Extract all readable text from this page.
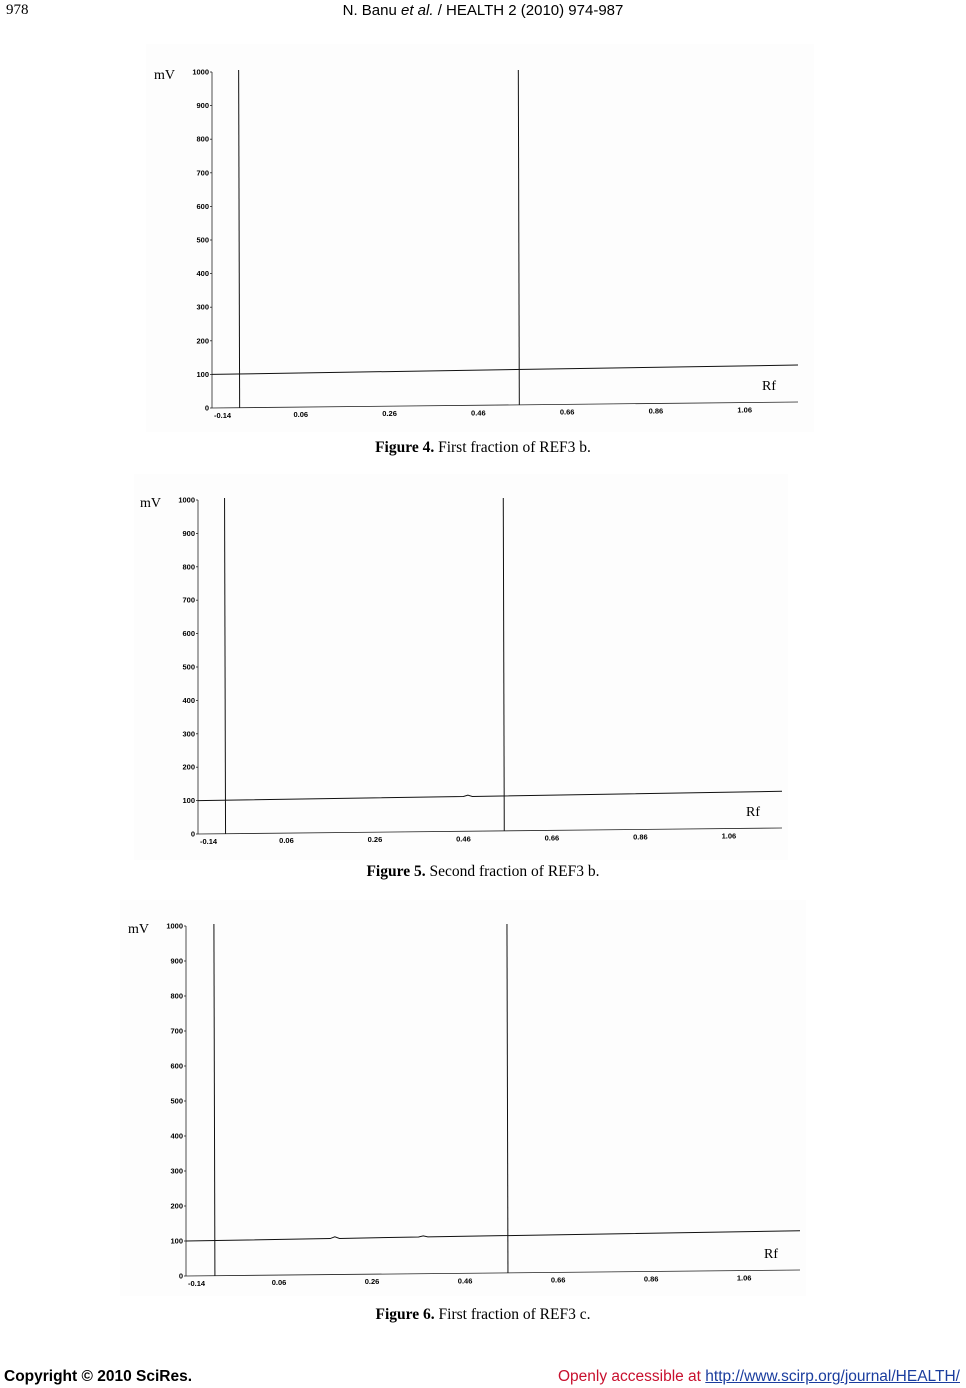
978	N. Banu et al. / HEALTH 2 (2010) 974-987
1000
900
800
700
600
500
400
300
200
100
0
-0.14	0.06	0.26	0.46	0.66	0.86	1.06
mV
Rf
Figure 4. First fraction of REF3 b.
1000
900
800
700
600
500
400
300
200
100
0
-0.14	0.06	0.26	0.46	0.66	0.86	1.06
mV
Rf
Figure 5. Second fraction of REF3 b.
1000
900
800
700
600
500
400
300
200
100
0
-0.14	0.06	0.26	0.46	0.66	0.86	1.06
mV
Rf
Figure 6. First fraction of REF3 c.
Copyright © 2010 SciRes.	Openly accessible at http://www.scirp.org/journal/HEALTH/
